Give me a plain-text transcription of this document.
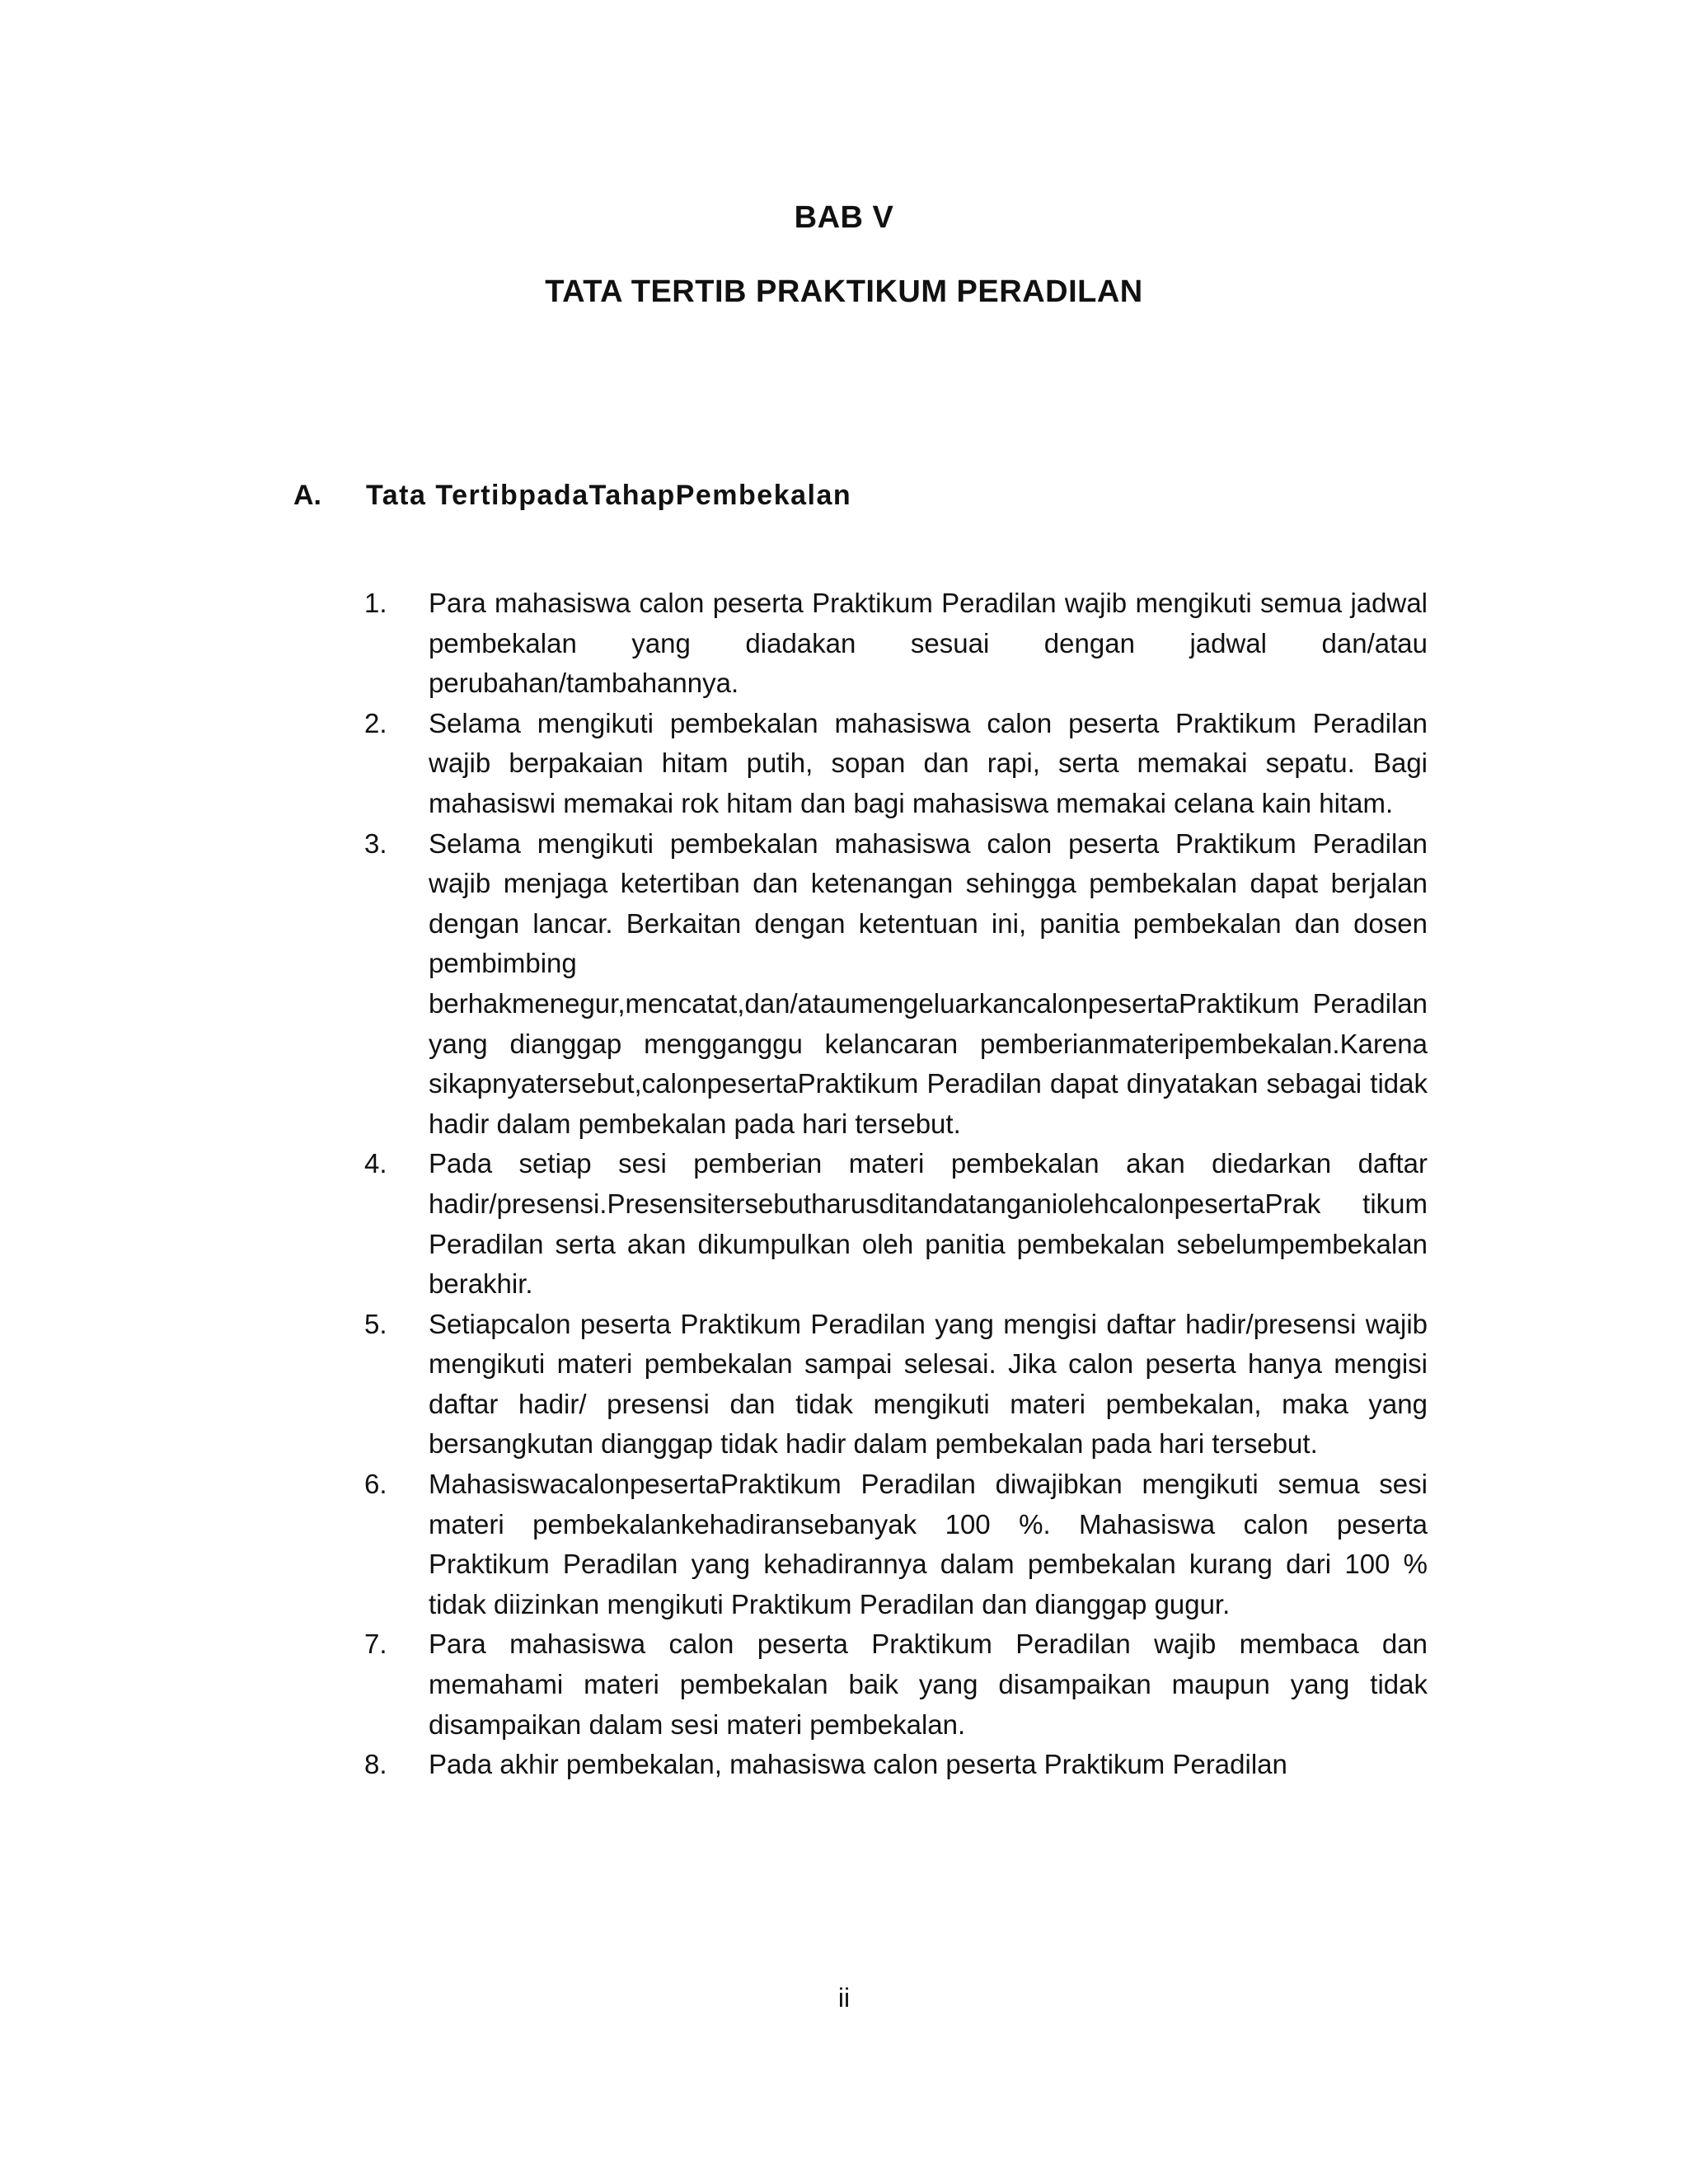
BAB V
TATA TERTIB PRAKTIKUM PERADILAN
A.	Tata TertibpadaTahapPembekalan
1.	Para mahasiswa calon peserta Praktikum Peradilan wajib mengikuti semua jadwal pembekalan yang diadakan sesuai dengan jadwal dan/atau perubahan/tambahannya.
2.	Selama mengikuti pembekalan mahasiswa calon peserta Praktikum Peradilan wajib berpakaian hitam putih, sopan dan rapi, serta memakai sepatu. Bagi mahasiswi memakai rok hitam dan bagi mahasiswa memakai celana kain hitam.
3.	Selama mengikuti pembekalan mahasiswa calon peserta Praktikum Peradilan wajib menjaga ketertiban dan ketenangan sehingga pembekalan dapat berjalan dengan lancar. Berkaitan dengan ketentuan ini, panitia pembekalan dan dosen pembimbing berhakmenegur,mencatat,dan/ataumengeluarkancalonpesertaPraktikum Peradilan yang dianggap mengganggu kelancaran pemberianmateripembekalan.Karena sikapnyatersebut,calonpesertaPraktikum Peradilan dapat dinyatakan sebagai tidak hadir dalam pembekalan pada hari tersebut.
4.	Pada setiap sesi pemberian materi pembekalan akan diedarkan daftar hadir/presensi.PresensitersebutharusditandatanganiolehcalonpesertaPrak tikum Peradilan serta akan dikumpulkan oleh panitia pembekalan sebelumpembekalan berakhir.
5.	Setiapcalon peserta Praktikum Peradilan yang mengisi daftar hadir/presensi wajib mengikuti materi pembekalan sampai selesai. Jika calon peserta hanya mengisi daftar hadir/ presensi dan tidak mengikuti materi pembekalan, maka yang bersangkutan dianggap tidak hadir dalam pembekalan pada hari tersebut.
6.	MahasiswacalonpesertaPraktikum Peradilan diwajibkan mengikuti semua sesi materi pembekalankehadiransebanyak 100 %. Mahasiswa calon peserta Praktikum Peradilan yang kehadirannya dalam pembekalan kurang dari 100 % tidak diizinkan mengikuti Praktikum Peradilan dan dianggap gugur.
7.	Para mahasiswa calon peserta Praktikum Peradilan wajib membaca dan memahami materi pembekalan baik yang disampaikan maupun yang tidak disampaikan dalam sesi materi pembekalan.
8.	Pada akhir pembekalan, mahasiswa calon peserta Praktikum Peradilan
ii
